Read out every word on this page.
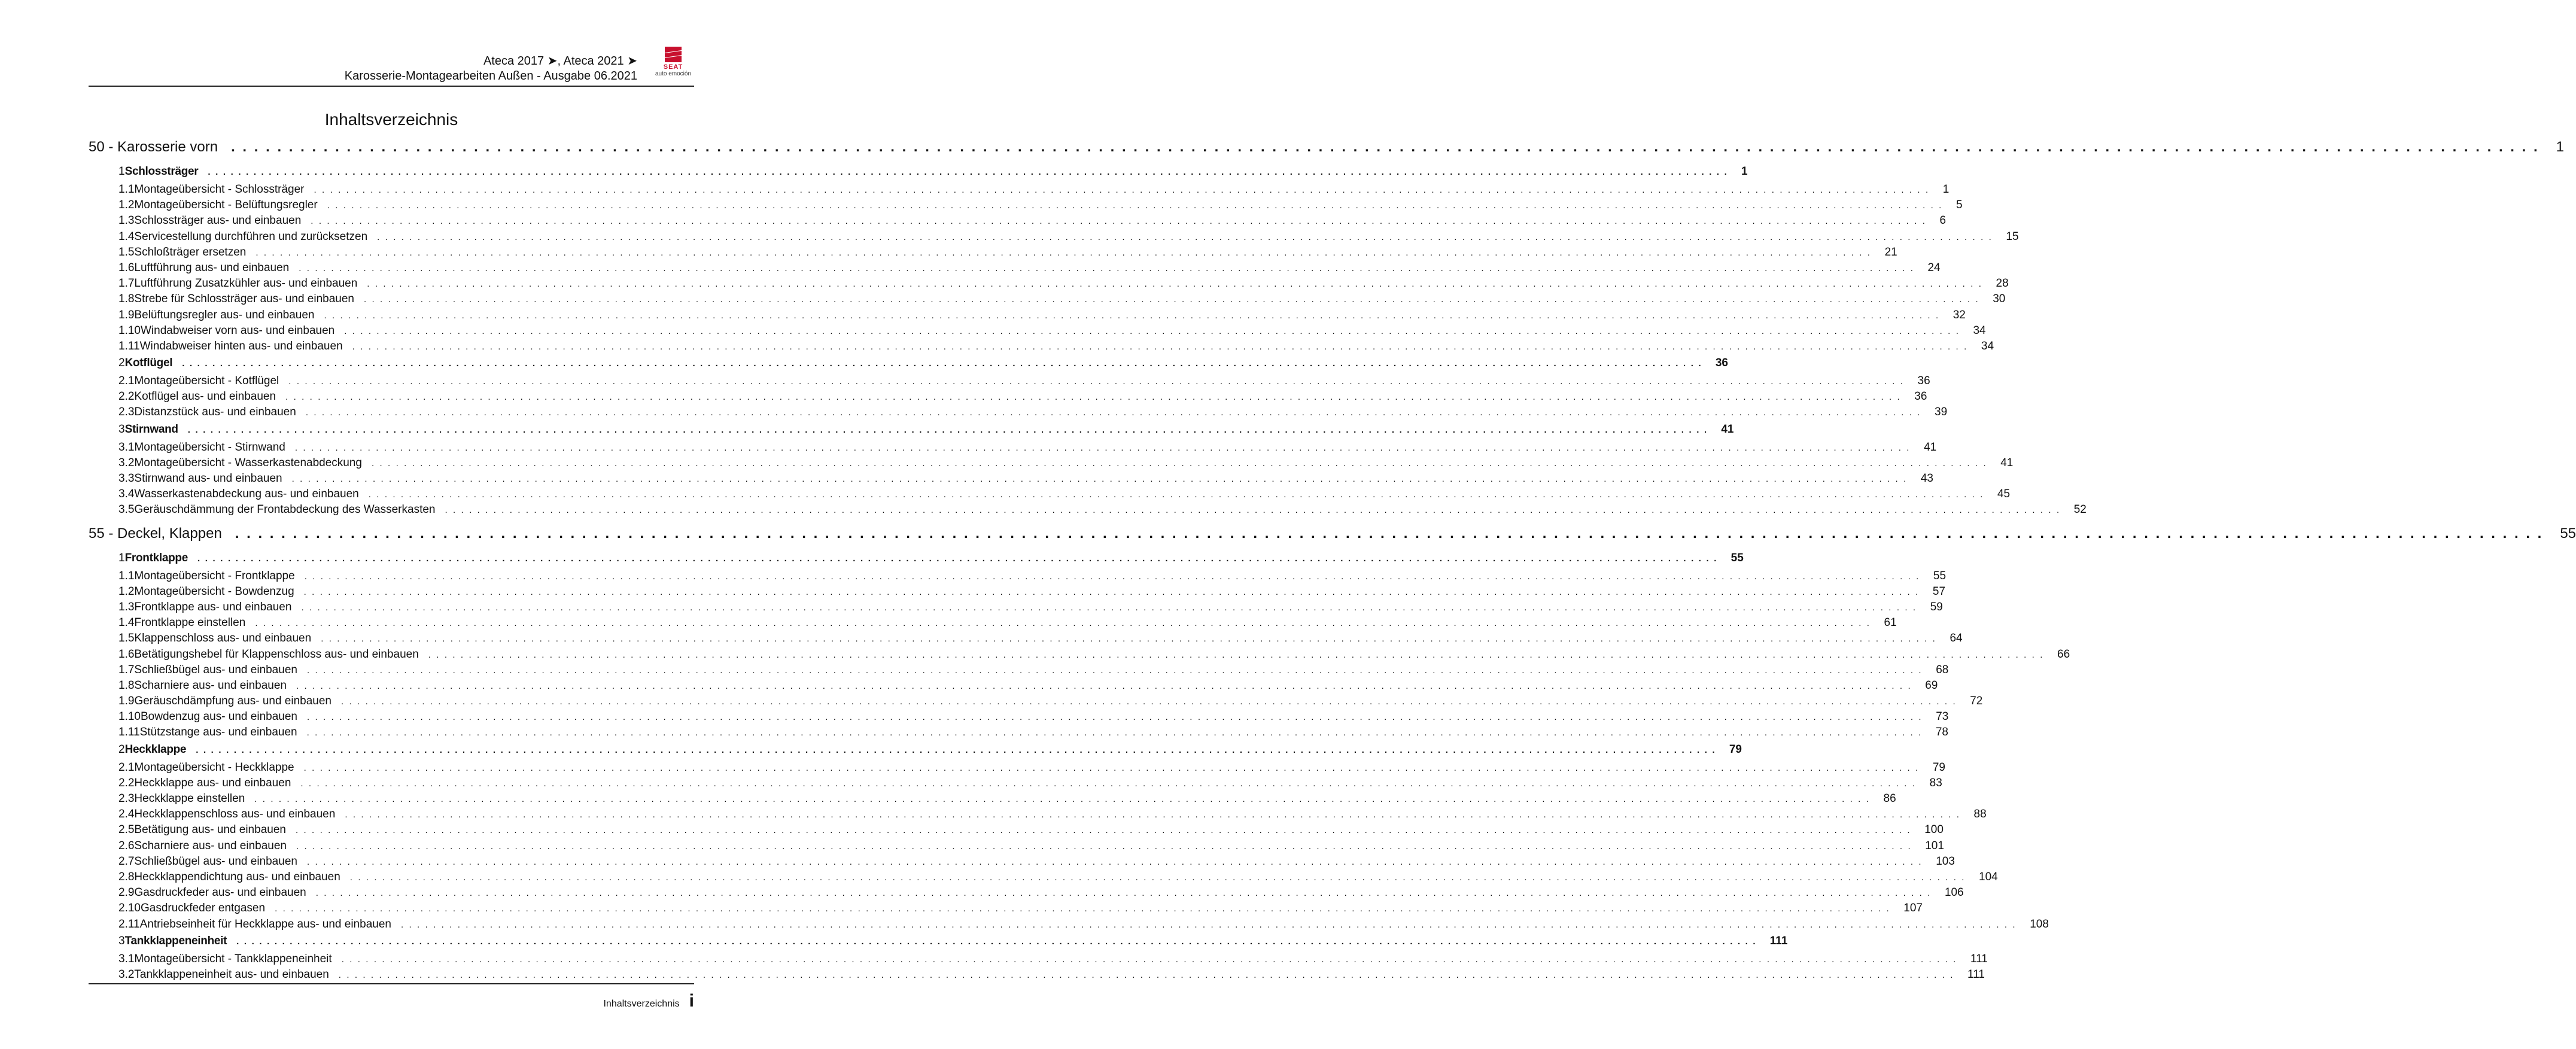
Ateca 2017 ➤, Ateca 2021 ➤
Karosserie-Montagearbeiten Außen - Ausgabe 06.2021
SEAT
auto emoción
Inhaltsverzeichnis
50 - Karosserie vorn . . . . . . . . . . . . . . . . . . . . . . . . . . . . . . . . . . . . . . . . . . . . . . . . . . . . . . . . . . . . . . . . . . . . . . . . . . . . . . . . . . . . . . . . . . . . . . . . . . . . . . . . . . . . . . . . . . . . . . . . . . . . . . . . . . . . . . . . . . . . . . . . . . . . . . . . . . . . . . . . . . . . . . . . . . . . . . . . . . . . . . . . . . . . . . . . . . . . . . . . 1
1 Schlossträger . . . . . . . . . . . . . . . . . . . . . . . . . . . . . . . . . . . . . . . . . . . . . . . . . . . . . . . . . . . . . . . . . . . . . . . . . . . . . . . . . . . . . . . . . . . . . . . . . . . . . . . . . . . . . . . . . . . . . . . . . . . . . . . . . . . . . . . . . . . . . . . . . . . . . . . . . . . . . . . . . . . . . . . . . . . . . . . . . . . . . . . . . . . . . . . . . . . . . . . . 1
1.1 Montageübersicht - Schlossträger . . . . . . . . . . . . . . . . . . . . . . . . . . . . . . . . . . . . . . . . . . . . . . . . . . . . . . . . . . . . . . . . . . . . . . . . . . . . . . . . . . . . . . . . . . . . . . . . . . . . . . . . . . . . . . . . . . . . . . . . . . . . . . . . . . . . . . . . . . . . . . . . . . . . . . . . . . . . . . . . . . . . . . . . . . . . . . . . . . . . . . . . . . . . . . . . . . . . . . . . 1
1.2 Montageübersicht - Belüftungsregler . . . . . . . . . . . . . . . . . . . . . . . . . . . . . . . . . . . . . . . . . . . . . . . . . . . . . . . . . . . . . . . . . . . . . . . . . . . . . . . . . . . . . . . . . . . . . . . . . . . . . . . . . . . . . . . . . . . . . . . . . . . . . . . . . . . . . . . . . . . . . . . . . . . . . . . . . . . . . . . . . . . . . . . . . . . . . . . . . . . . . . . . . . . . . . . . . . . . . . . . 5
1.3 Schlossträger aus- und einbauen . . . . . . . . . . . . . . . . . . . . . . . . . . . . . . . . . . . . . . . . . . . . . . . . . . . . . . . . . . . . . . . . . . . . . . . . . . . . . . . . . . . . . . . . . . . . . . . . . . . . . . . . . . . . . . . . . . . . . . . . . . . . . . . . . . . . . . . . . . . . . . . . . . . . . . . . . . . . . . . . . . . . . . . . . . . . . . . . . . . . . . . . . . . . . . . . . . . . . . . . 6
1.4 Servicestellung durchführen und zurücksetzen . . . . . . . . . . . . . . . . . . . . . . . . . . . . . . . . . . . . . . . . . . . . . . . . . . . . . . . . . . . . . . . . . . . . . . . . . . . . . . . . . . . . . . . . . . . . . . . . . . . . . . . . . . . . . . . . . . . . . . . . . . . . . . . . . . . . . . . . . . . . . . . . . . . . . . . . . . . . . . . . . . . . . . . . . . . . . . . . . . . . . . . . . . . . . . . . . . . . . . . . 15
1.5 Schloßträger ersetzen . . . . . . . . . . . . . . . . . . . . . . . . . . . . . . . . . . . . . . . . . . . . . . . . . . . . . . . . . . . . . . . . . . . . . . . . . . . . . . . . . . . . . . . . . . . . . . . . . . . . . . . . . . . . . . . . . . . . . . . . . . . . . . . . . . . . . . . . . . . . . . . . . . . . . . . . . . . . . . . . . . . . . . . . . . . . . . . . . . . . . . . . . . . . . . . . . . . . . . . . 21
1.6 Luftführung aus- und einbauen . . . . . . . . . . . . . . . . . . . . . . . . . . . . . . . . . . . . . . . . . . . . . . . . . . . . . . . . . . . . . . . . . . . . . . . . . . . . . . . . . . . . . . . . . . . . . . . . . . . . . . . . . . . . . . . . . . . . . . . . . . . . . . . . . . . . . . . . . . . . . . . . . . . . . . . . . . . . . . . . . . . . . . . . . . . . . . . . . . . . . . . . . . . . . . . . . . . . . . . . 24
1.7 Luftführung Zusatzkühler aus- und einbauen . . . . . . . . . . . . . . . . . . . . . . . . . . . . . . . . . . . . . . . . . . . . . . . . . . . . . . . . . . . . . . . . . . . . . . . . . . . . . . . . . . . . . . . . . . . . . . . . . . . . . . . . . . . . . . . . . . . . . . . . . . . . . . . . . . . . . . . . . . . . . . . . . . . . . . . . . . . . . . . . . . . . . . . . . . . . . . . . . . . . . . . . . . . . . . . . . . . . . . . . 28
1.8 Strebe für Schlossträger aus- und einbauen . . . . . . . . . . . . . . . . . . . . . . . . . . . . . . . . . . . . . . . . . . . . . . . . . . . . . . . . . . . . . . . . . . . . . . . . . . . . . . . . . . . . . . . . . . . . . . . . . . . . . . . . . . . . . . . . . . . . . . . . . . . . . . . . . . . . . . . . . . . . . . . . . . . . . . . . . . . . . . . . . . . . . . . . . . . . . . . . . . . . . . . . . . . . . . . . . . . . . . . . 30
1.9 Belüftungsregler aus- und einbauen . . . . . . . . . . . . . . . . . . . . . . . . . . . . . . . . . . . . . . . . . . . . . . . . . . . . . . . . . . . . . . . . . . . . . . . . . . . . . . . . . . . . . . . . . . . . . . . . . . . . . . . . . . . . . . . . . . . . . . . . . . . . . . . . . . . . . . . . . . . . . . . . . . . . . . . . . . . . . . . . . . . . . . . . . . . . . . . . . . . . . . . . . . . . . . . . . . . . . . . . 32
1.10 Windabweiser vorn aus- und einbauen . . . . . . . . . . . . . . . . . . . . . . . . . . . . . . . . . . . . . . . . . . . . . . . . . . . . . . . . . . . . . . . . . . . . . . . . . . . . . . . . . . . . . . . . . . . . . . . . . . . . . . . . . . . . . . . . . . . . . . . . . . . . . . . . . . . . . . . . . . . . . . . . . . . . . . . . . . . . . . . . . . . . . . . . . . . . . . . . . . . . . . . . . . . . . . . . . . . . . . . . 34
1.11 Windabweiser hinten aus- und einbauen . . . . . . . . . . . . . . . . . . . . . . . . . . . . . . . . . . . . . . . . . . . . . . . . . . . . . . . . . . . . . . . . . . . . . . . . . . . . . . . . . . . . . . . . . . . . . . . . . . . . . . . . . . . . . . . . . . . . . . . . . . . . . . . . . . . . . . . . . . . . . . . . . . . . . . . . . . . . . . . . . . . . . . . . . . . . . . . . . . . . . . . . . . . . . . . . . . . . . . . . 34
2 Kotflügel . . . . . . . . . . . . . . . . . . . . . . . . . . . . . . . . . . . . . . . . . . . . . . . . . . . . . . . . . . . . . . . . . . . . . . . . . . . . . . . . . . . . . . . . . . . . . . . . . . . . . . . . . . . . . . . . . . . . . . . . . . . . . . . . . . . . . . . . . . . . . . . . . . . . . . . . . . . . . . . . . . . . . . . . . . . . . . . . . . . . . . . . . . . . . . . . . . . . . . . . 36
2.1 Montageübersicht - Kotflügel . . . . . . . . . . . . . . . . . . . . . . . . . . . . . . . . . . . . . . . . . . . . . . . . . . . . . . . . . . . . . . . . . . . . . . . . . . . . . . . . . . . . . . . . . . . . . . . . . . . . . . . . . . . . . . . . . . . . . . . . . . . . . . . . . . . . . . . . . . . . . . . . . . . . . . . . . . . . . . . . . . . . . . . . . . . . . . . . . . . . . . . . . . . . . . . . . . . . . . . . 36
2.2 Kotflügel aus- und einbauen . . . . . . . . . . . . . . . . . . . . . . . . . . . . . . . . . . . . . . . . . . . . . . . . . . . . . . . . . . . . . . . . . . . . . . . . . . . . . . . . . . . . . . . . . . . . . . . . . . . . . . . . . . . . . . . . . . . . . . . . . . . . . . . . . . . . . . . . . . . . . . . . . . . . . . . . . . . . . . . . . . . . . . . . . . . . . . . . . . . . . . . . . . . . . . . . . . . . . . . . 36
2.3 Distanzstück aus- und einbauen . . . . . . . . . . . . . . . . . . . . . . . . . . . . . . . . . . . . . . . . . . . . . . . . . . . . . . . . . . . . . . . . . . . . . . . . . . . . . . . . . . . . . . . . . . . . . . . . . . . . . . . . . . . . . . . . . . . . . . . . . . . . . . . . . . . . . . . . . . . . . . . . . . . . . . . . . . . . . . . . . . . . . . . . . . . . . . . . . . . . . . . . . . . . . . . . . . . . . . . . 39
3 Stirnwand . . . . . . . . . . . . . . . . . . . . . . . . . . . . . . . . . . . . . . . . . . . . . . . . . . . . . . . . . . . . . . . . . . . . . . . . . . . . . . . . . . . . . . . . . . . . . . . . . . . . . . . . . . . . . . . . . . . . . . . . . . . . . . . . . . . . . . . . . . . . . . . . . . . . . . . . . . . . . . . . . . . . . . . . . . . . . . . . . . . . . . . . . . . . . . . . . . . . . . . . 41
3.1 Montageübersicht - Stirnwand . . . . . . . . . . . . . . . . . . . . . . . . . . . . . . . . . . . . . . . . . . . . . . . . . . . . . . . . . . . . . . . . . . . . . . . . . . . . . . . . . . . . . . . . . . . . . . . . . . . . . . . . . . . . . . . . . . . . . . . . . . . . . . . . . . . . . . . . . . . . . . . . . . . . . . . . . . . . . . . . . . . . . . . . . . . . . . . . . . . . . . . . . . . . . . . . . . . . . . . . 41
3.2 Montageübersicht - Wasserkastenabdeckung . . . . . . . . . . . . . . . . . . . . . . . . . . . . . . . . . . . . . . . . . . . . . . . . . . . . . . . . . . . . . . . . . . . . . . . . . . . . . . . . . . . . . . . . . . . . . . . . . . . . . . . . . . . . . . . . . . . . . . . . . . . . . . . . . . . . . . . . . . . . . . . . . . . . . . . . . . . . . . . . . . . . . . . . . . . . . . . . . . . . . . . . . . . . . . . . . . . . . . . . 41
3.3 Stirnwand aus- und einbauen . . . . . . . . . . . . . . . . . . . . . . . . . . . . . . . . . . . . . . . . . . . . . . . . . . . . . . . . . . . . . . . . . . . . . . . . . . . . . . . . . . . . . . . . . . . . . . . . . . . . . . . . . . . . . . . . . . . . . . . . . . . . . . . . . . . . . . . . . . . . . . . . . . . . . . . . . . . . . . . . . . . . . . . . . . . . . . . . . . . . . . . . . . . . . . . . . . . . . . . . 43
3.4 Wasserkastenabdeckung aus- und einbauen . . . . . . . . . . . . . . . . . . . . . . . . . . . . . . . . . . . . . . . . . . . . . . . . . . . . . . . . . . . . . . . . . . . . . . . . . . . . . . . . . . . . . . . . . . . . . . . . . . . . . . . . . . . . . . . . . . . . . . . . . . . . . . . . . . . . . . . . . . . . . . . . . . . . . . . . . . . . . . . . . . . . . . . . . . . . . . . . . . . . . . . . . . . . . . . . . . . . . . . . 45
3.5 Geräuschdämmung der Frontabdeckung des Wasserkasten . . . . . . . . . . . . . . . . . . . . . . . . . . . . . . . . . . . . . . . . . . . . . . . . . . . . . . . . . . . . . . . . . . . . . . . . . . . . . . . . . . . . . . . . . . . . . . . . . . . . . . . . . . . . . . . . . . . . . . . . . . . . . . . . . . . . . . . . . . . . . . . . . . . . . . . . . . . . . . . . . . . . . . . . . . . . . . . . . . . . . . . . . . . . . . . . . . . . . . . . 52
55 - Deckel, Klappen . . . . . . . . . . . . . . . . . . . . . . . . . . . . . . . . . . . . . . . . . . . . . . . . . . . . . . . . . . . . . . . . . . . . . . . . . . . . . . . . . . . . . . . . . . . . . . . . . . . . . . . . . . . . . . . . . . . . . . . . . . . . . . . . . . . . . . . . . . . . . . . . . . . . . . . . . . . . . . . . . . . . . . . . . . . . . . . . . . . . . . . . . . . . . . . . . . . . . . . . 55
1 Frontklappe . . . . . . . . . . . . . . . . . . . . . . . . . . . . . . . . . . . . . . . . . . . . . . . . . . . . . . . . . . . . . . . . . . . . . . . . . . . . . . . . . . . . . . . . . . . . . . . . . . . . . . . . . . . . . . . . . . . . . . . . . . . . . . . . . . . . . . . . . . . . . . . . . . . . . . . . . . . . . . . . . . . . . . . . . . . . . . . . . . . . . . . . . . . . . . . . . . . . . . . . 55
1.1 Montageübersicht - Frontklappe . . . . . . . . . . . . . . . . . . . . . . . . . . . . . . . . . . . . . . . . . . . . . . . . . . . . . . . . . . . . . . . . . . . . . . . . . . . . . . . . . . . . . . . . . . . . . . . . . . . . . . . . . . . . . . . . . . . . . . . . . . . . . . . . . . . . . . . . . . . . . . . . . . . . . . . . . . . . . . . . . . . . . . . . . . . . . . . . . . . . . . . . . . . . . . . . . . . . . . . . 55
1.2 Montageübersicht - Bowdenzug . . . . . . . . . . . . . . . . . . . . . . . . . . . . . . . . . . . . . . . . . . . . . . . . . . . . . . . . . . . . . . . . . . . . . . . . . . . . . . . . . . . . . . . . . . . . . . . . . . . . . . . . . . . . . . . . . . . . . . . . . . . . . . . . . . . . . . . . . . . . . . . . . . . . . . . . . . . . . . . . . . . . . . . . . . . . . . . . . . . . . . . . . . . . . . . . . . . . . . . . 57
1.3 Frontklappe aus- und einbauen . . . . . . . . . . . . . . . . . . . . . . . . . . . . . . . . . . . . . . . . . . . . . . . . . . . . . . . . . . . . . . . . . . . . . . . . . . . . . . . . . . . . . . . . . . . . . . . . . . . . . . . . . . . . . . . . . . . . . . . . . . . . . . . . . . . . . . . . . . . . . . . . . . . . . . . . . . . . . . . . . . . . . . . . . . . . . . . . . . . . . . . . . . . . . . . . . . . . . . . . 59
1.4 Frontklappe einstellen . . . . . . . . . . . . . . . . . . . . . . . . . . . . . . . . . . . . . . . . . . . . . . . . . . . . . . . . . . . . . . . . . . . . . . . . . . . . . . . . . . . . . . . . . . . . . . . . . . . . . . . . . . . . . . . . . . . . . . . . . . . . . . . . . . . . . . . . . . . . . . . . . . . . . . . . . . . . . . . . . . . . . . . . . . . . . . . . . . . . . . . . . . . . . . . . . . . . . . . . 61
1.5 Klappenschloss aus- und einbauen . . . . . . . . . . . . . . . . . . . . . . . . . . . . . . . . . . . . . . . . . . . . . . . . . . . . . . . . . . . . . . . . . . . . . . . . . . . . . . . . . . . . . . . . . . . . . . . . . . . . . . . . . . . . . . . . . . . . . . . . . . . . . . . . . . . . . . . . . . . . . . . . . . . . . . . . . . . . . . . . . . . . . . . . . . . . . . . . . . . . . . . . . . . . . . . . . . . . . . . . 64
1.6 Betätigungshebel für Klappenschloss aus- und einbauen . . . . . . . . . . . . . . . . . . . . . . . . . . . . . . . . . . . . . . . . . . . . . . . . . . . . . . . . . . . . . . . . . . . . . . . . . . . . . . . . . . . . . . . . . . . . . . . . . . . . . . . . . . . . . . . . . . . . . . . . . . . . . . . . . . . . . . . . . . . . . . . . . . . . . . . . . . . . . . . . . . . . . . . . . . . . . . . . . . . . . . . . . . . . . . . . . . . . . . . . 66
1.7 Schließbügel aus- und einbauen . . . . . . . . . . . . . . . . . . . . . . . . . . . . . . . . . . . . . . . . . . . . . . . . . . . . . . . . . . . . . . . . . . . . . . . . . . . . . . . . . . . . . . . . . . . . . . . . . . . . . . . . . . . . . . . . . . . . . . . . . . . . . . . . . . . . . . . . . . . . . . . . . . . . . . . . . . . . . . . . . . . . . . . . . . . . . . . . . . . . . . . . . . . . . . . . . . . . . . . . 68
1.8 Scharniere aus- und einbauen . . . . . . . . . . . . . . . . . . . . . . . . . . . . . . . . . . . . . . . . . . . . . . . . . . . . . . . . . . . . . . . . . . . . . . . . . . . . . . . . . . . . . . . . . . . . . . . . . . . . . . . . . . . . . . . . . . . . . . . . . . . . . . . . . . . . . . . . . . . . . . . . . . . . . . . . . . . . . . . . . . . . . . . . . . . . . . . . . . . . . . . . . . . . . . . . . . . . . . . . 69
1.9 Geräuschdämpfung aus- und einbauen . . . . . . . . . . . . . . . . . . . . . . . . . . . . . . . . . . . . . . . . . . . . . . . . . . . . . . . . . . . . . . . . . . . . . . . . . . . . . . . . . . . . . . . . . . . . . . . . . . . . . . . . . . . . . . . . . . . . . . . . . . . . . . . . . . . . . . . . . . . . . . . . . . . . . . . . . . . . . . . . . . . . . . . . . . . . . . . . . . . . . . . . . . . . . . . . . . . . . . . . 72
1.10 Bowdenzug aus- und einbauen . . . . . . . . . . . . . . . . . . . . . . . . . . . . . . . . . . . . . . . . . . . . . . . . . . . . . . . . . . . . . . . . . . . . . . . . . . . . . . . . . . . . . . . . . . . . . . . . . . . . . . . . . . . . . . . . . . . . . . . . . . . . . . . . . . . . . . . . . . . . . . . . . . . . . . . . . . . . . . . . . . . . . . . . . . . . . . . . . . . . . . . . . . . . . . . . . . . . . . . . 73
1.11 Stützstange aus- und einbauen . . . . . . . . . . . . . . . . . . . . . . . . . . . . . . . . . . . . . . . . . . . . . . . . . . . . . . . . . . . . . . . . . . . . . . . . . . . . . . . . . . . . . . . . . . . . . . . . . . . . . . . . . . . . . . . . . . . . . . . . . . . . . . . . . . . . . . . . . . . . . . . . . . . . . . . . . . . . . . . . . . . . . . . . . . . . . . . . . . . . . . . . . . . . . . . . . . . . . . . . 78
2 Heckklappe . . . . . . . . . . . . . . . . . . . . . . . . . . . . . . . . . . . . . . . . . . . . . . . . . . . . . . . . . . . . . . . . . . . . . . . . . . . . . . . . . . . . . . . . . . . . . . . . . . . . . . . . . . . . . . . . . . . . . . . . . . . . . . . . . . . . . . . . . . . . . . . . . . . . . . . . . . . . . . . . . . . . . . . . . . . . . . . . . . . . . . . . . . . . . . . . . . . . . . . . 79
2.1 Montageübersicht - Heckklappe . . . . . . . . . . . . . . . . . . . . . . . . . . . . . . . . . . . . . . . . . . . . . . . . . . . . . . . . . . . . . . . . . . . . . . . . . . . . . . . . . . . . . . . . . . . . . . . . . . . . . . . . . . . . . . . . . . . . . . . . . . . . . . . . . . . . . . . . . . . . . . . . . . . . . . . . . . . . . . . . . . . . . . . . . . . . . . . . . . . . . . . . . . . . . . . . . . . . . . . . 79
2.2 Heckklappe aus- und einbauen . . . . . . . . . . . . . . . . . . . . . . . . . . . . . . . . . . . . . . . . . . . . . . . . . . . . . . . . . . . . . . . . . . . . . . . . . . . . . . . . . . . . . . . . . . . . . . . . . . . . . . . . . . . . . . . . . . . . . . . . . . . . . . . . . . . . . . . . . . . . . . . . . . . . . . . . . . . . . . . . . . . . . . . . . . . . . . . . . . . . . . . . . . . . . . . . . . . . . . . . 83
2.3 Heckklappe einstellen . . . . . . . . . . . . . . . . . . . . . . . . . . . . . . . . . . . . . . . . . . . . . . . . . . . . . . . . . . . . . . . . . . . . . . . . . . . . . . . . . . . . . . . . . . . . . . . . . . . . . . . . . . . . . . . . . . . . . . . . . . . . . . . . . . . . . . . . . . . . . . . . . . . . . . . . . . . . . . . . . . . . . . . . . . . . . . . . . . . . . . . . . . . . . . . . . . . . . . . . 86
2.4 Heckklappenschloss aus- und einbauen . . . . . . . . . . . . . . . . . . . . . . . . . . . . . . . . . . . . . . . . . . . . . . . . . . . . . . . . . . . . . . . . . . . . . . . . . . . . . . . . . . . . . . . . . . . . . . . . . . . . . . . . . . . . . . . . . . . . . . . . . . . . . . . . . . . . . . . . . . . . . . . . . . . . . . . . . . . . . . . . . . . . . . . . . . . . . . . . . . . . . . . . . . . . . . . . . . . . . . . . 88
2.5 Betätigung aus- und einbauen . . . . . . . . . . . . . . . . . . . . . . . . . . . . . . . . . . . . . . . . . . . . . . . . . . . . . . . . . . . . . . . . . . . . . . . . . . . . . . . . . . . . . . . . . . . . . . . . . . . . . . . . . . . . . . . . . . . . . . . . . . . . . . . . . . . . . . . . . . . . . . . . . . . . . . . . . . . . . . . . . . . . . . . . . . . . . . . . . . . . . . . . . . . . . . . . . . . . . . . . 100
2.6 Scharniere aus- und einbauen . . . . . . . . . . . . . . . . . . . . . . . . . . . . . . . . . . . . . . . . . . . . . . . . . . . . . . . . . . . . . . . . . . . . . . . . . . . . . . . . . . . . . . . . . . . . . . . . . . . . . . . . . . . . . . . . . . . . . . . . . . . . . . . . . . . . . . . . . . . . . . . . . . . . . . . . . . . . . . . . . . . . . . . . . . . . . . . . . . . . . . . . . . . . . . . . . . . . . . . . 101
2.7 Schließbügel aus- und einbauen . . . . . . . . . . . . . . . . . . . . . . . . . . . . . . . . . . . . . . . . . . . . . . . . . . . . . . . . . . . . . . . . . . . . . . . . . . . . . . . . . . . . . . . . . . . . . . . . . . . . . . . . . . . . . . . . . . . . . . . . . . . . . . . . . . . . . . . . . . . . . . . . . . . . . . . . . . . . . . . . . . . . . . . . . . . . . . . . . . . . . . . . . . . . . . . . . . . . . . . . 103
2.8 Heckklappendichtung aus- und einbauen . . . . . . . . . . . . . . . . . . . . . . . . . . . . . . . . . . . . . . . . . . . . . . . . . . . . . . . . . . . . . . . . . . . . . . . . . . . . . . . . . . . . . . . . . . . . . . . . . . . . . . . . . . . . . . . . . . . . . . . . . . . . . . . . . . . . . . . . . . . . . . . . . . . . . . . . . . . . . . . . . . . . . . . . . . . . . . . . . . . . . . . . . . . . . . . . . . . . . . . . 104
2.9 Gasdruckfeder aus- und einbauen . . . . . . . . . . . . . . . . . . . . . . . . . . . . . . . . . . . . . . . . . . . . . . . . . . . . . . . . . . . . . . . . . . . . . . . . . . . . . . . . . . . . . . . . . . . . . . . . . . . . . . . . . . . . . . . . . . . . . . . . . . . . . . . . . . . . . . . . . . . . . . . . . . . . . . . . . . . . . . . . . . . . . . . . . . . . . . . . . . . . . . . . . . . . . . . . . . . . . . . . 106
2.10 Gasdruckfeder entgasen . . . . . . . . . . . . . . . . . . . . . . . . . . . . . . . . . . . . . . . . . . . . . . . . . . . . . . . . . . . . . . . . . . . . . . . . . . . . . . . . . . . . . . . . . . . . . . . . . . . . . . . . . . . . . . . . . . . . . . . . . . . . . . . . . . . . . . . . . . . . . . . . . . . . . . . . . . . . . . . . . . . . . . . . . . . . . . . . . . . . . . . . . . . . . . . . . . . . . . . . 107
2.11 Antriebseinheit für Heckklappe aus- und einbauen . . . . . . . . . . . . . . . . . . . . . . . . . . . . . . . . . . . . . . . . . . . . . . . . . . . . . . . . . . . . . . . . . . . . . . . . . . . . . . . . . . . . . . . . . . . . . . . . . . . . . . . . . . . . . . . . . . . . . . . . . . . . . . . . . . . . . . . . . . . . . . . . . . . . . . . . . . . . . . . . . . . . . . . . . . . . . . . . . . . . . . . . . . . . . . . . . . . . . . . . 108
3 Tankklappeneinheit . . . . . . . . . . . . . . . . . . . . . . . . . . . . . . . . . . . . . . . . . . . . . . . . . . . . . . . . . . . . . . . . . . . . . . . . . . . . . . . . . . . . . . . . . . . . . . . . . . . . . . . . . . . . . . . . . . . . . . . . . . . . . . . . . . . . . . . . . . . . . . . . . . . . . . . . . . . . . . . . . . . . . . . . . . . . . . . . . . . . . . . . . . . . . . . . . . . . . . . . 111
3.1 Montageübersicht - Tankklappeneinheit . . . . . . . . . . . . . . . . . . . . . . . . . . . . . . . . . . . . . . . . . . . . . . . . . . . . . . . . . . . . . . . . . . . . . . . . . . . . . . . . . . . . . . . . . . . . . . . . . . . . . . . . . . . . . . . . . . . . . . . . . . . . . . . . . . . . . . . . . . . . . . . . . . . . . . . . . . . . . . . . . . . . . . . . . . . . . . . . . . . . . . . . . . . . . . . . . . . . . . . . 111
3.2 Tankklappeneinheit aus- und einbauen . . . . . . . . . . . . . . . . . . . . . . . . . . . . . . . . . . . . . . . . . . . . . . . . . . . . . . . . . . . . . . . . . . . . . . . . . . . . . . . . . . . . . . . . . . . . . . . . . . . . . . . . . . . . . . . . . . . . . . . . . . . . . . . . . . . . . . . . . . . . . . . . . . . . . . . . . . . . . . . . . . . . . . . . . . . . . . . . . . . . . . . . . . . . . . . . . . . . . . . . 111
Inhaltsverzeichnis i
